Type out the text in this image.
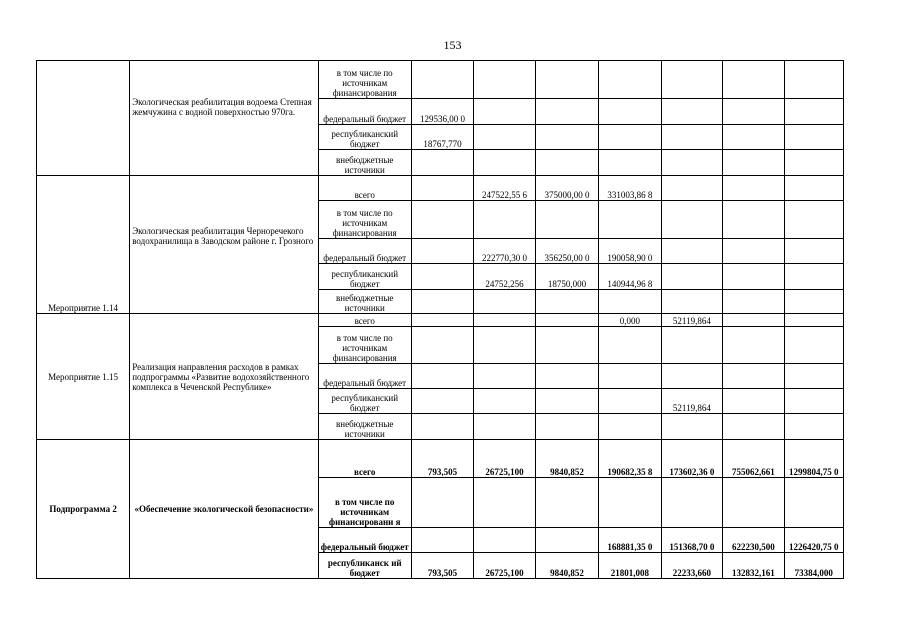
153
	Экологическая реабилитация водоема Степная жемчужина с водной поверхностью 970га.	в том числе по источникам финансирования							
		федеральный бюджет	129536,00 0						
		республиканский бюджет	18767,770						
		внебюджетные источники							
Мероприятие 1.14	Экологическая реабилитация Черноречекого водохранилища в Заводском районе г. Грозного	всего		247522,55 6	375000,00 0	331003,86 8			
		в том числе по источникам финансирования							
		федеральный бюджет		222770,30 0	356250,00 0	190058,90 0			
		республиканский бюджет		24752,256	18750,000	140944,96 8			
		внебюджетные источники							
Мероприятие 1.15	Реализация направления расходов в рамках подпрограммы «Развитие водохозяйственного комплекса в Чеченской Республике»	всего				0,000	52119,864		
		в том числе по источникам финансирования							
		федеральный бюджет							
		республиканский бюджет					52119,864		
		внебюджетные источники							
Подпрограмма 2	«Обеспечение экологической безопасности»	всего	793,505	26725,100	9840,852	190682,35 8	173602,36 0	755062,661	1299804,75 0
		в том числе по источникам финансировани я							
		федеральный бюджет				168881,35 0	151368,70 0	622230,500	1226420,75 0
		республиканск ий бюджет	793,505	26725,100	9840,852	21801,008	22233,660	132832,161	73384,000
